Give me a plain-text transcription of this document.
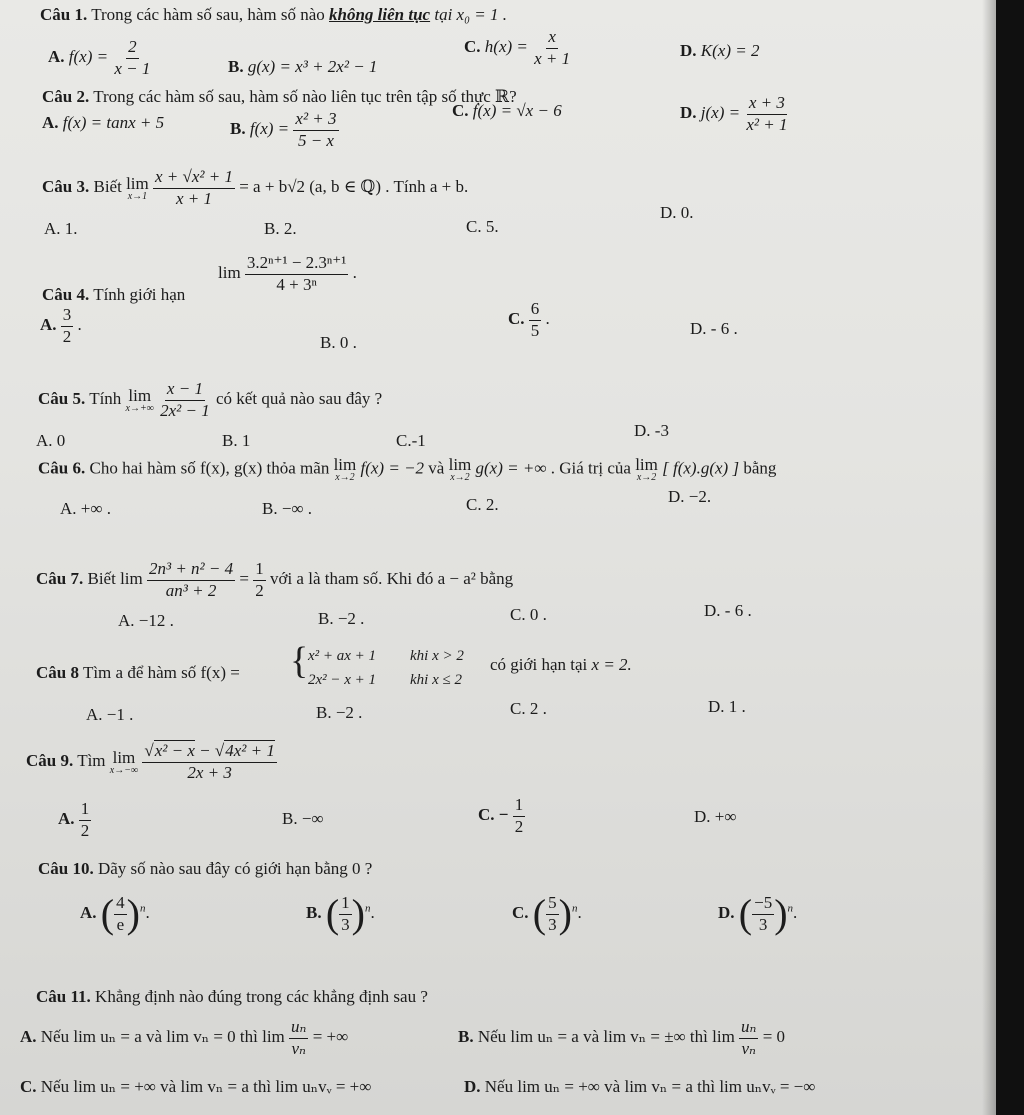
Câu 1. Trong các hàm số sau, hàm số nào không liên tục tại x₀ = 1 .
A. $f(x) = \frac{2}{x - 1}$	B. g(x) = x³ + 2x² − 1
C. $h(x) = \frac{x}{x + 1}$	D. K(x) = 2
Câu 2. Trong các hàm số sau, hàm số nào liên tục trên tập số thực ℝ?
A. f(x) = tanx + 5	B. $f(x) = \frac{\text{x² + 3}}{5 - x}$	C. f(x) = √x − 6	D. $j(x) = \frac{x + 3}{\text{x² + 1}}$
Câu 3. Biết lim
x→1
$\frac{\text{x + √x² + 1}}{x + 1} = a + b√2$ (a, b ∈ ℚ) . Tính a + b.
A. 1.	B. 2.	C. 5.
D. 0.
Câu 4. Tính giới hạn
$\lim \frac{\text{3.2ⁿ⁺¹ − 2.3ⁿ⁺¹}}{\text{4 + 3ⁿ}}$ .
A. $\frac{3}{2}$ .
B. 0 .
C. $\frac{6}{5}$ .
D. - 6 .
Câu 5. Tính lim
x→+∞
$\frac{x - 1}{\text{2x² − 1}}$ có kết quả nào sau đây ?
A. 0	B. 1	C.-1
D. -3
Câu 6. Cho hai hàm số f(x), g(x) thỏa mãn lim
x→2
f(x) = −2 và lim
x→2
g(x) = +∞ . Giá trị của lim
x→2
[ f(x).g(x) ] bằng
A. +∞ .	B. −∞ .	C. 2.	D. −2.
Câu 7. Biết $\lim \frac{\text{2n³ + n² − 4}}{\text{an³ + 2}} = \frac{1}{2}$ với a là tham số. Khi đó a − a² bằng
A. −12 .	B. −2 .	C. 0 .	D. - 6 .
Câu 8 Tìm a để hàm số f(x) = { x² + ax + 1 khi x > 2
2x² − x + 1 khi x ≤ 2
có giới hạn tại x = 2.
A. −1 .	B. −2 .	C. 2 .	D. 1 .
Câu 9. Tìm lim
x→−∞
$\frac{\text{√x² − x − √4x² + 1}}{2x + 3}$
A. $\frac{1}{2}$	B. −∞	C. − $\frac{1}{2}$	D. +∞
Câu 10. Dãy số nào sau đây có giới hạn bằng 0 ?
A. ( $\frac{4}{e} )^n$.	B. ( $\frac{1}{3} )^n$.	C. ( $\frac{5}{3} )^n$.	D. ( $\frac{-5}{3} )^n$.
Câu 11. Khẳng định nào đúng trong các khẳng định sau ?
A. Nếu lim uₙ = a và lim vₙ = 0 thì $\lim \frac{\text{uₙ}}{\text{vₙ}}$ = +∞	B. Nếu lim uₙ = a và lim vₙ = ±∞ thì $\lim \frac{\text{uₙ}}{\text{vₙ}} = 0$
C. Nếu lim uₙ = +∞ và lim vₙ = a thì lim uₙvᵥ = +∞	D. Nếu lim uₙ = +∞ và lim vₙ = a thì lim uₙvᵥ = −∞
